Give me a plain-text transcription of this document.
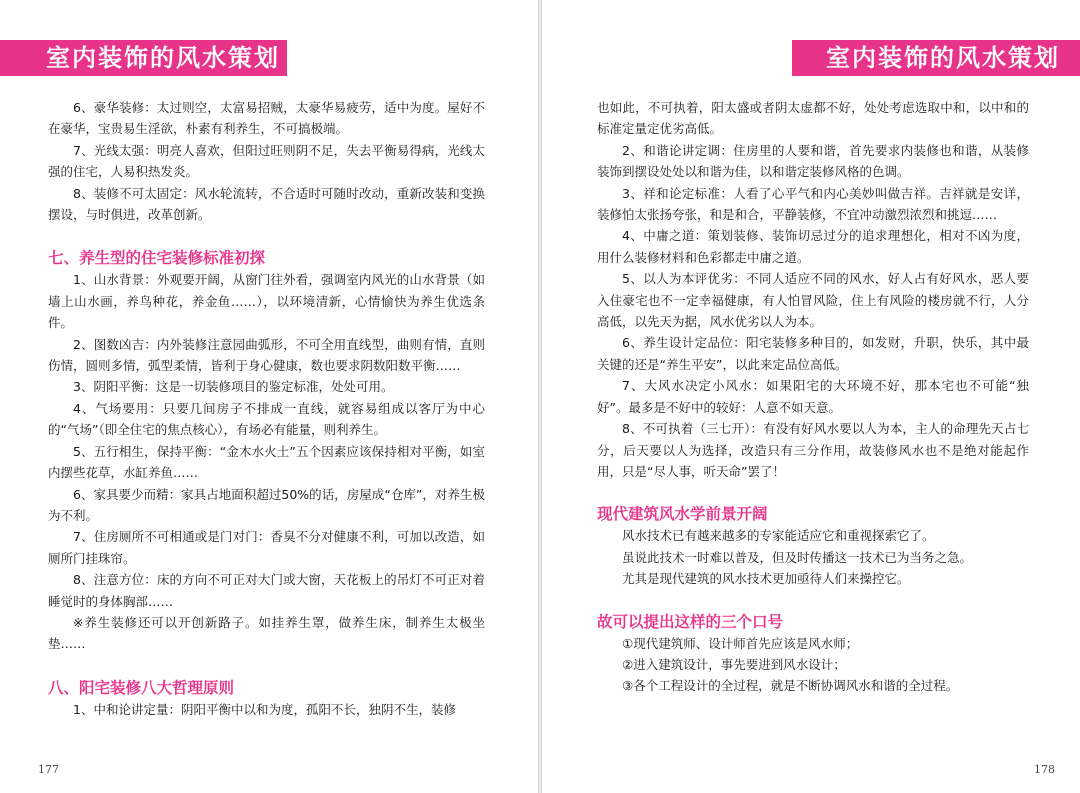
室内装饰的风水策划

6、豪华装修：太过则空，太富易招贼，太豪华易疲劳，适中为度。屋好不在豪华，宝贵易生淫欲，朴素有利养生，不可搞极端。

7、光线太强：明亮人喜欢，但阳过旺则阴不足，失去平衡易得病，光线太强的住宅，人易积热发炎。

8、装修不可太固定：风水轮流转，不合适时可随时改动，重新改装和变换摆设，与时俱进，改革创新。

七、养生型的住宅装修标准初探

1、山水背景：外观要开阔，从窗门往外看，强调室内风光的山水背景（如墙上山水画，养鸟种花，养金鱼……），以环境清新，心情愉快为养生优选条件。

2、图数凶吉：内外装修注意园曲弧形，不可全用直线型，曲则有情，直则伤情，圆则多情，弧型柔情，皆利于身心健康，数也要求阴数阳数平衡……

3、阴阳平衡：这是一切装修项目的鉴定标准，处处可用。

4、气场要用：只要几间房子不排成一直线，就容易组成以客厅为中心的“气场”（即全住宅的焦点核心），有场必有能量，则利养生。

5、五行相生，保持平衡：“金木水火土”五个因素应该保持相对平衡，如室内摆些花草，水缸养鱼……

6、家具要少而精：家具占地面积超过50%的话，房屋成“仓库”，对养生极为不利。

7、住房厕所不可相通或是门对门：香臭不分对健康不利，可加以改造，如厕所门挂珠帘。

8、注意方位：床的方向不可正对大门或大窗，天花板上的吊灯不可正对着睡觉时的身体胸部……

※养生装修还可以开创新路子。如挂养生罩，做养生床，制养生太极坐垫……

八、阳宅装修八大哲理原则

1、中和论讲定量：阴阳平衡中以和为度，孤阳不长，独阴不生，装修

177
室内装饰的风水策划

也如此，不可执着，阳太盛或者阴太虚都不好，处处考虑选取中和，以中和的标准定量定优劣高低。

2、和谐论讲定调：住房里的人要和谐，首先要求内装修也和谐，从装修装饰到摆设处处以和谐为佳，以和谐定装修风格的色调。

3、祥和论定标准：人看了心平气和内心美妙叫做吉祥。吉祥就是安详，装修怕太张扬夸张，和是和合，平静装修，不宜冲动激烈浓烈和挑逗……

4、中庸之道：策划装修、装饰切忌过分的追求理想化，相对不凶为度，用什么装修材料和色彩都走中庸之道。

5、以人为本评优劣：不同人适应不同的风水，好人占有好风水，恶人要入住豪宅也不一定幸福健康，有人怕冒风险，住上有风险的楼房就不行，人分高低，以先天为据，风水优劣以人为本。

6、养生设计定品位：阳宅装修多种目的，如发财，升职，快乐，其中最关键的还是“养生平安”，以此来定品位高低。

7、大风水决定小风水：如果阳宅的大环境不好，那本宅也不可能“独好”。最多是不好中的较好：人意不如天意。

8、不可执着（三七开）：有没有好风水要以人为本，主人的命理先天占七分，后天要以人为选择，改造只有三分作用，故装修风水也不是绝对能起作用，只是“尽人事，听天命”罢了！

现代建筑风水学前景开阔

风水技术已有越来越多的专家能适应它和重视探索它了。

虽说此技术一时难以普及，但及时传播这一技术已为当务之急。

尤其是现代建筑的风水技术更加亟待人们来操控它。

故可以提出这样的三个口号

①现代建筑师、设计师首先应该是风水师；

②进入建筑设计，事先要进到风水设计；

③各个工程设计的全过程，就是不断协调风水和谐的全过程。

178
